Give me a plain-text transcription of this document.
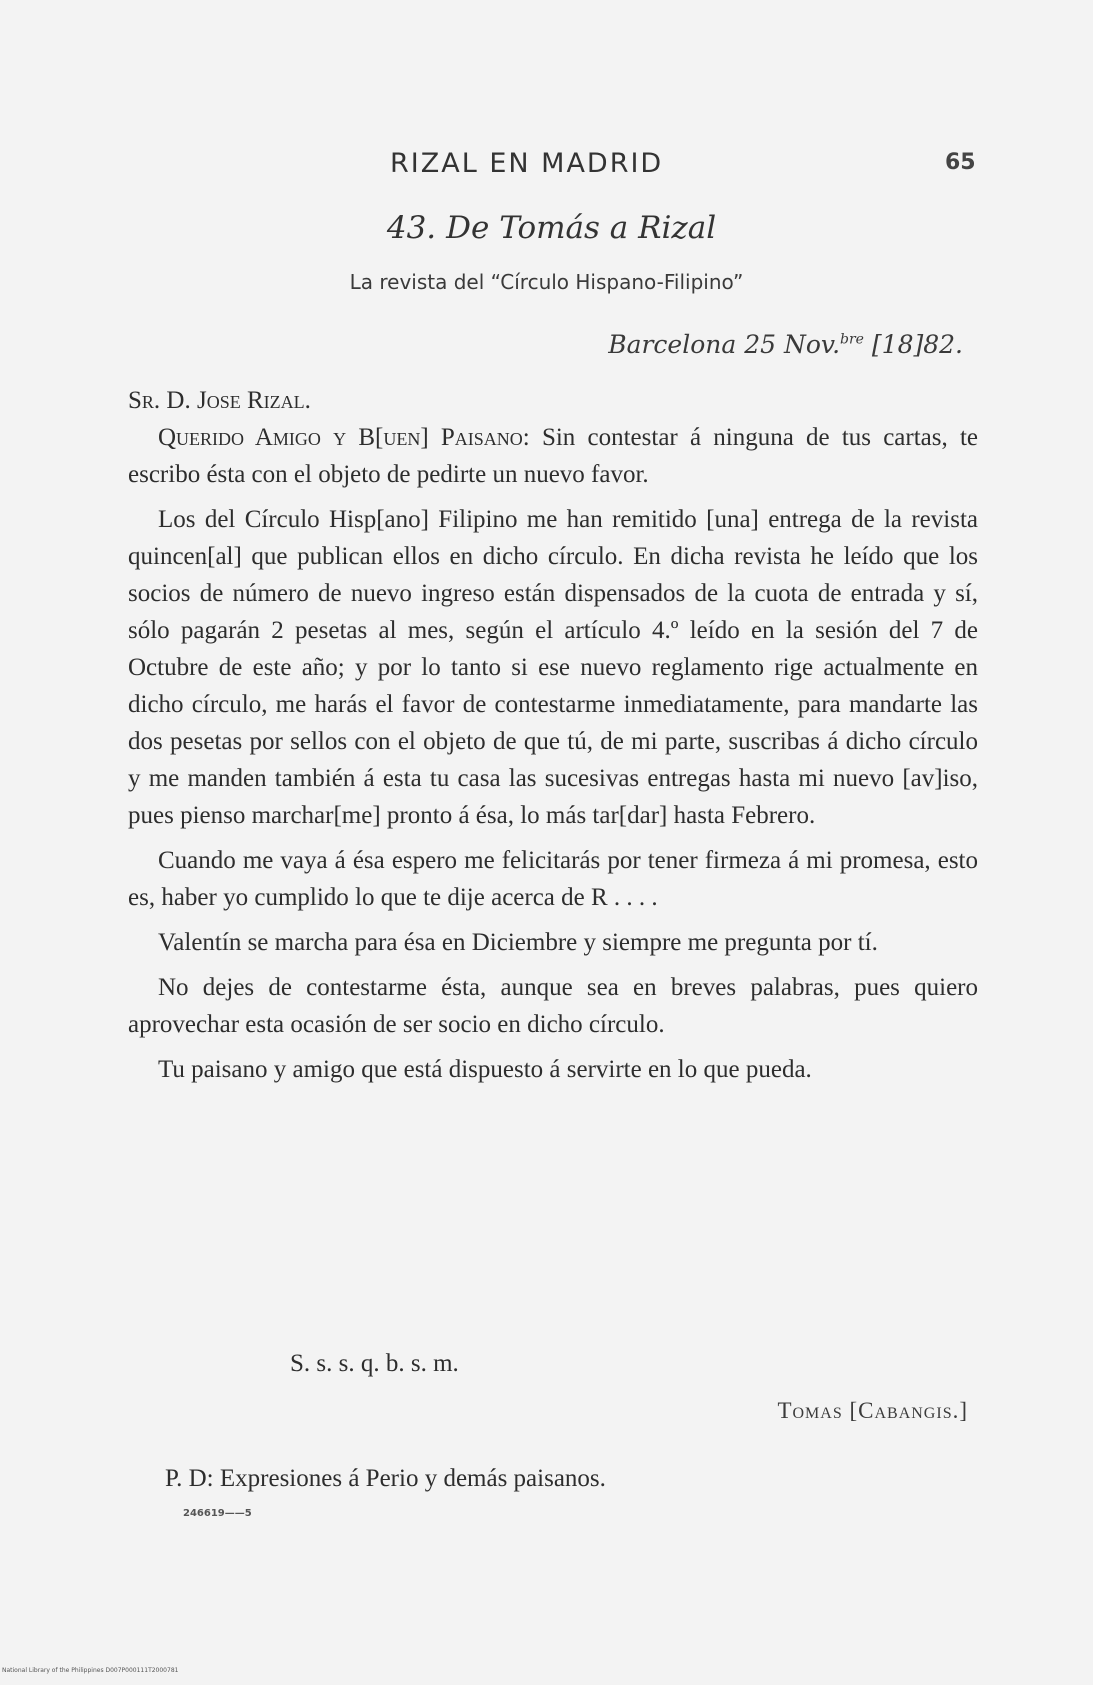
RIZAL EN MADRID	65
43. De Tomás a Rizal
La revista del “Círculo Hispano-Filipino”
Barcelona 25 Nov.$^{bre}$ [18]82.

Sr. D. Jose Rizal.

Querido Amigo y B[uen] Paisano: Sin contestar á ninguna de tus cartas, te escribo ésta con el objeto de pedirte un nuevo favor.

Los del Círculo Hisp[ano] Filipino me han remitido [una] entrega de la revista quincen[al] que publican ellos en dicho círculo. En dicha revista he leído que los socios de número de nuevo ingreso están dispensados de la cuota de entrada y sí, sólo pagarán 2 pesetas al mes, según el artículo 4.º leído en la sesión del 7 de Octubre de este año; y por lo tanto si ese nuevo reglamento rige actualmente en dicho círculo, me harás el favor de contestarme inmediatamente, para mandarte las dos pesetas por sellos con el objeto de que tú, de mi parte, suscribas á dicho círculo y me manden también á esta tu casa las sucesivas entregas hasta mi nuevo [av]iso, pues pienso marchar[me] pronto á ésa, lo más tar[dar] hasta Febrero.

Cuando me vaya á ésa espero me felicitarás por tener firmeza á mi promesa, esto es, haber yo cumplido lo que te dije acerca de R . . . .

Valentín se marcha para ésa en Diciembre y siempre me pregunta por tí.

No dejes de contestarme ésta, aunque sea en breves palabras, pues quiero aprovechar esta ocasión de ser socio en dicho círculo.

Tu paisano y amigo que está dispuesto á servirte en lo que pueda.

S. s. s. q. b. s. m.
Tomas [Cabangis.]
P. D: Expresiones á Perio y demás paisanos.
246619——5
National Library of the Philippines D007P000111T2000781
